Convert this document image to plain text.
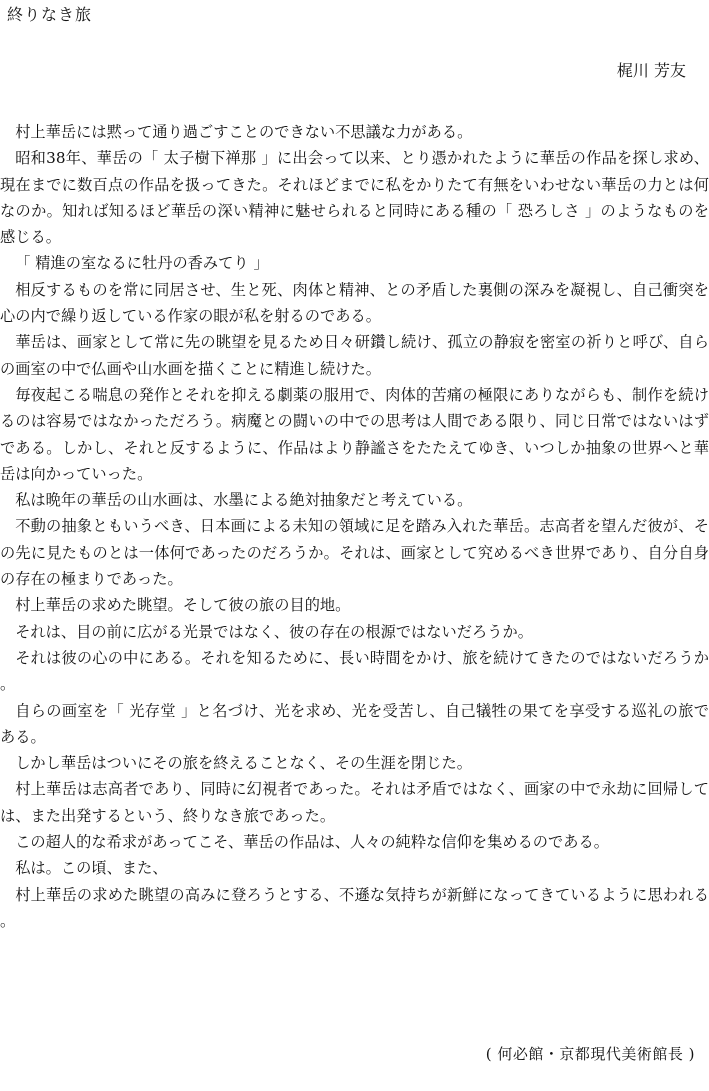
終りなき旅
梶川 芳友

村上華岳には黙って通り過ごすことのできない不思議な力がある。

昭和38年、華岳の「 太子樹下禅那 」に出会って以来、とり憑かれたように華岳の作品を探し求め、現在までに数百点の作品を扱ってきた。それほどまでに私をかりたて有無をいわせない華岳の力とは何なのか。知れば知るほど華岳の深い精神に魅せられると同時にある種の「 恐ろしさ 」のようなものを感じる。

「 精進の室なるに牡丹の香みてり 」

相反するものを常に同居させ、生と死、肉体と精神、との矛盾した裏側の深みを凝視し、自己衝突を心の内で繰り返している作家の眼が私を射るのである。

華岳は、画家として常に先の眺望を見るため日々研鑽し続け、孤立の静寂を密室の祈りと呼び、自らの画室の中で仏画や山水画を描くことに精進し続けた。

毎夜起こる喘息の発作とそれを抑える劇薬の服用で、肉体的苦痛の極限にありながらも、制作を続けるのは容易ではなかっただろう。病魔との闘いの中での思考は人間である限り、同じ日常ではないはずである。しかし、それと反するように、作品はより静謐さをたたえてゆき、いつしか抽象の世界へと華岳は向かっていった。

私は晩年の華岳の山水画は、水墨による絶対抽象だと考えている。

不動の抽象ともいうべき、日本画による未知の領域に足を踏み入れた華岳。志高者を望んだ彼が、その先に見たものとは一体何であったのだろうか。それは、画家として究めるべき世界であり、自分自身の存在の極まりであった。

村上華岳の求めた眺望。そして彼の旅の目的地。

それは、目の前に広がる光景ではなく、彼の存在の根源ではないだろうか。

それは彼の心の中にある。それを知るために、長い時間をかけ、旅を続けてきたのではないだろうか。

自らの画室を「 光存堂 」と名づけ、光を求め、光を受苦し、自己犠牲の果てを享受する巡礼の旅である。

しかし華岳はついにその旅を終えることなく、その生涯を閉じた。

村上華岳は志高者であり、同時に幻視者であった。それは矛盾ではなく、画家の中で永劫に回帰しては、また出発するという、終りなき旅であった。

この超人的な希求があってこそ、華岳の作品は、人々の純粋な信仰を集めるのである。

私は。この頃、また、

村上華岳の求めた眺望の高みに登ろうとする、不遜な気持ちが新鮮になってきているように思われる。

( 何必館・京都現代美術館長 )
